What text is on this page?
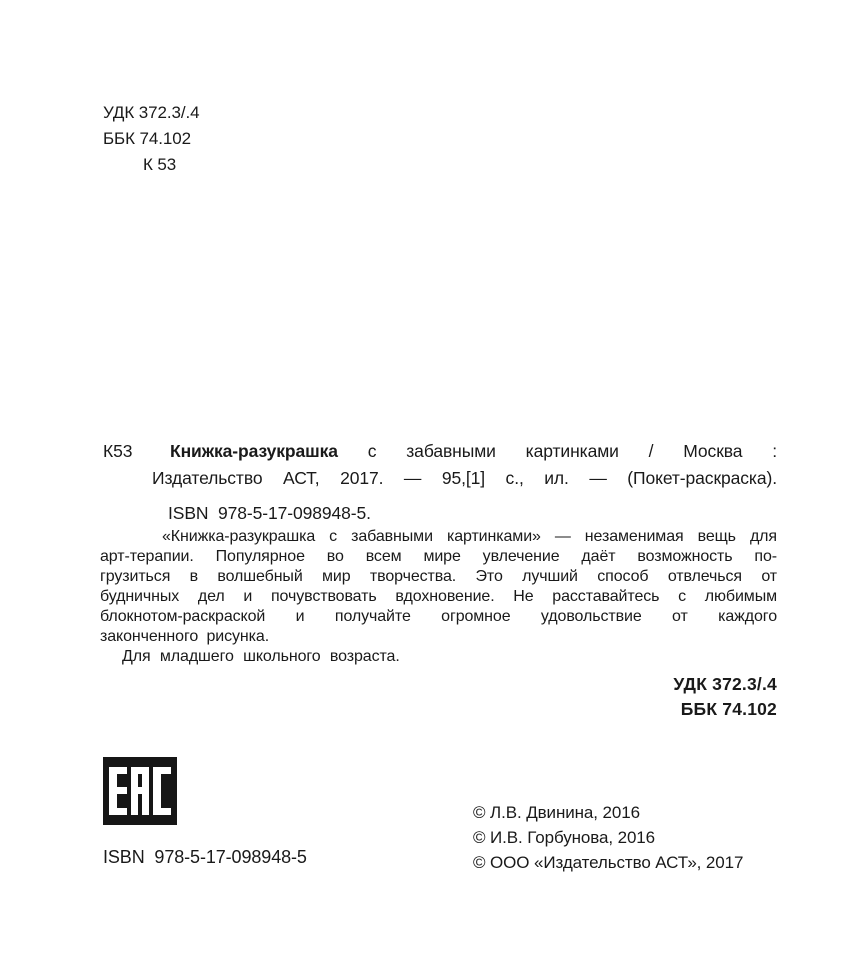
УДК 372.3/.4
ББК 74.102
К 53
К53 Книжка-разукрашка с забавными картинками / Москва :
Издательство АСТ, 2017. — 95,[1] с., ил. — (Покет-раскраска).
ISBN  978-5-17-098948-5.
«Книжка-разукрашка с забавными картинками» — незаменимая вещь для
арт-терапии. Популярное во всем мире увлечение даёт возможность по-
грузиться в волшебный мир творчества. Это лучший способ отвлечься от
будничных дел и почувствовать вдохновение. Не расставайтесь с любимым
блокнотом-раскраской и получайте огромное удовольствие от каждого
законченного рисунка.
Для младшего школьного возраста.
УДК 372.3/.4
ББК 74.102
ISBN  978-5-17-098948-5
© Л.В. Двинина, 2016
© И.В. Горбунова, 2016
© ООО «Издательство АСТ», 2017
